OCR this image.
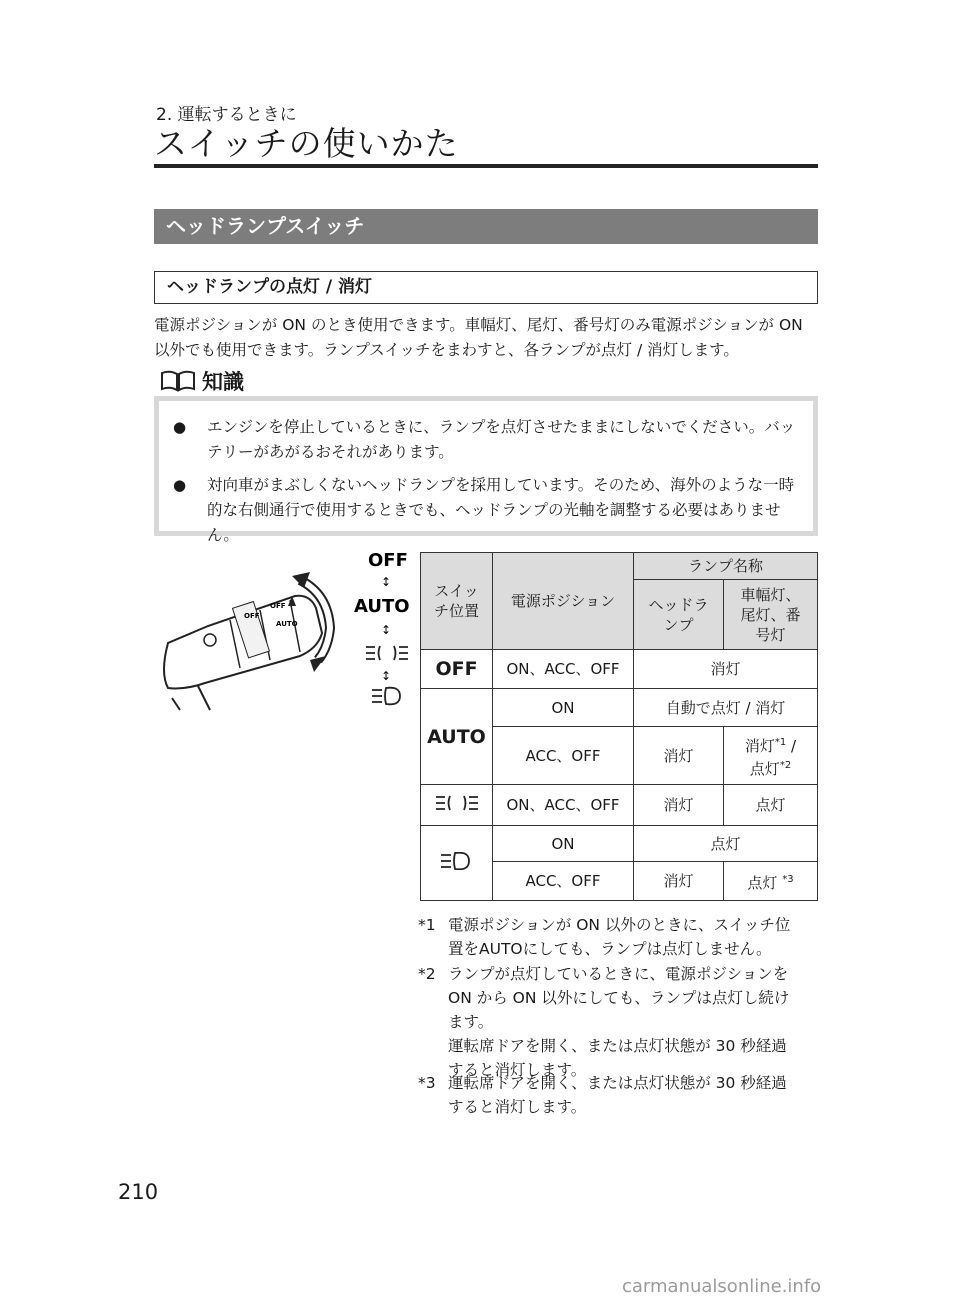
2. 運転するときに
スイッチの使いかた
ヘッドランプスイッチ
ヘッドランプの点灯 / 消灯
電源ポジションが ON のとき使用できます。車幅灯、尾灯、番号灯のみ電源ポジションが ON 以外でも使用できます。ランプスイッチをまわすと、各ランプが点灯 / 消灯します。
知識
●	エンジンを停止しているときに、ランプを点灯させたままにしないでください。バッテリーがあがるおそれがあります。
●	対向車がまぶしくないヘッドランプを採用しています。そのため、海外のような一時的な右側通行で使用するときでも、ヘッドランプの光軸を調整する必要はありません。
OFF
AUTO
OFF
OFF
↕
AUTO
↕
↕
スイッチ位置	電源ポジション	ランプ名称	
		ヘッドランプ	車幅灯、尾灯、番号灯
OFF	ON、ACC、OFF	消灯	
AUTO	ON	自動で点灯 / 消灯	
	ACC、OFF	消灯	消灯$^{*1}$ /
点灯$^{*2}$
	ON、ACC、OFF	消灯	点灯
	ON	点灯	
	ACC、OFF	消灯	点灯 $^{*3}$
*1 電源ポジションが ON 以外のときに、スイッチ位
置をAUTOにしても、ランプは点灯しません。
*2 ランプが点灯しているときに、電源ポジションを
ON から ON 以外にしても、ランプは点灯し続け
ます。
運転席ドアを開く、または点灯状態が 30 秒経過
すると消灯します。
*3 運転席ドアを開く、または点灯状態が 30 秒経過
すると消灯します。
210
carmanualsonline.info
